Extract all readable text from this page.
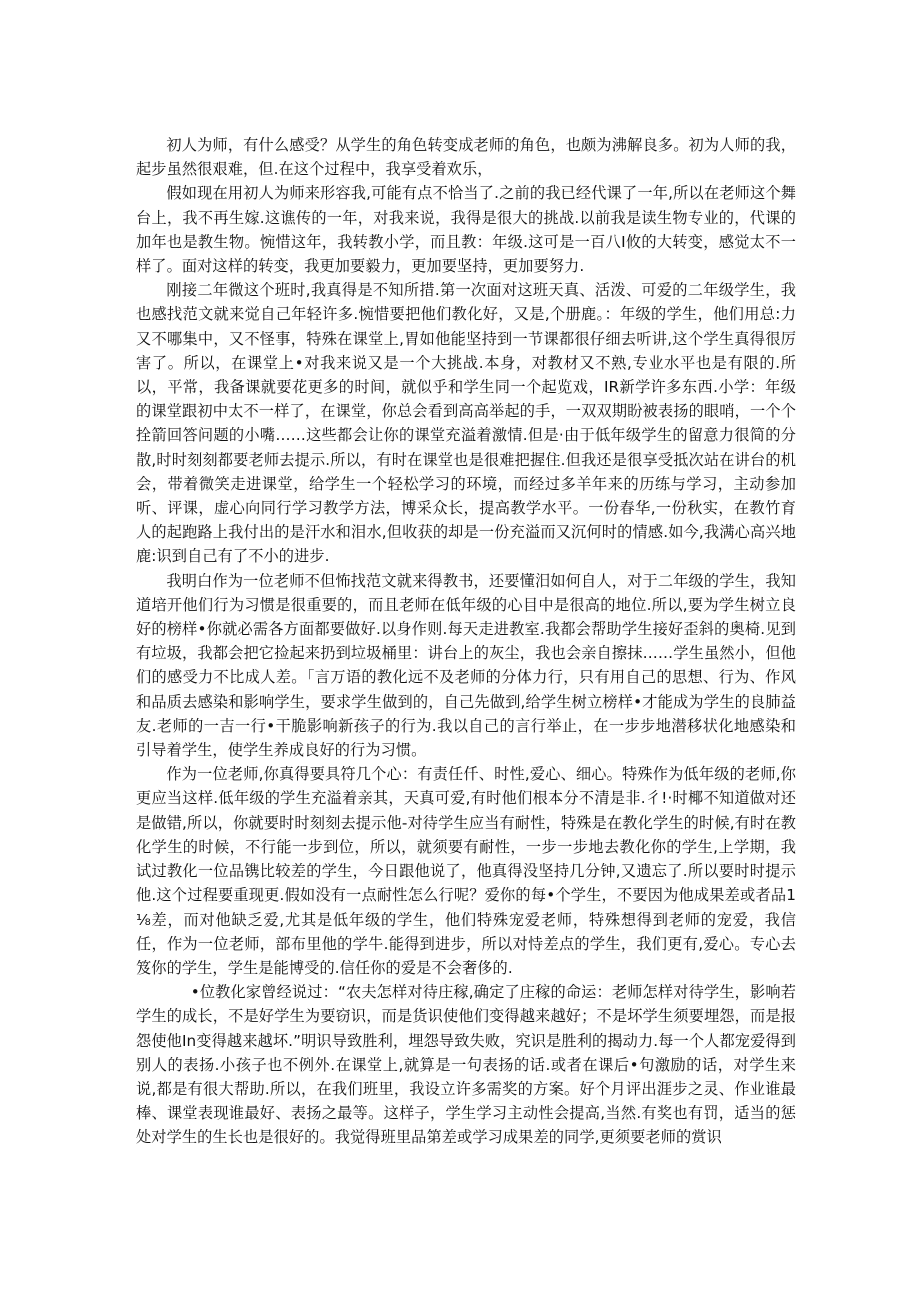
初人为师，有什么感受？从学生的角色转变成老师的角色，也颇为沸解良多。初为人师的我，起步虽然很艰难，但.在这个过程中，我享受着欢乐，

假如现在用初人为师来形容我,可能有点不恰当了.之前的我已经代课了一年,所以在老师这个舞台上，我不再生嫁.这谯传的一年，对我来说，我得是很大的挑战.以前我是读生物专业的，代课的加年也是教生物。惋惜这年，我转教小学，而且教：年级.这可是一百八I攸的大转变，感觉太不一样了。面对这样的转变，我更加要毅力，更加要坚持，更加要努力.

刚接二年微这个班时,我真得是不知所措.第一次面对这班天真、活泼、可爱的二年级学生，我也感找范文就来觉自己年轻许多.惋惜要把他们教化好，又是,个册鹿。：年级的学生，他们用总:力又不哪集中，又不怪事，特殊在课堂上,胃如他能坚持到一节课都很仔细去听讲,这个学生真得很厉害了。所以，在课堂上•对我来说又是一个大挑战.本身，对教材又不熟,专业水平也是有限的.所以，平常，我备课就要花更多的时间，就似乎和学生同一个起览戏，IR新学许多东西.小学：年级的课堂跟初中太不一样了，在课堂，你总会看到高高举起的手，一双双期盼被表扬的眼哨，一个个拴箭回答问题的小嘴……这些都会让你的课堂充溢着激情.但是·由于低年级学生的留意力很简的分散,时时刻刻都要老师去提示.所以，有时在课堂也是很难把握住.但我还是很享受抵次站在讲台的机会，带着微笑走进课堂，给学生一个轻松学习的环境，而经过多羊年来的历练与学习，主动参加听、评课，虚心向同行学习教学方法，博采众长，提高教学水平。一份春华,一份秋实，在教竹育人的起跑路上我付出的是汗水和泪水,但收获的却是一份充溢而又沉何时的情感.如今,我满心高兴地鹿:识到自己有了不小的进步.

我明白作为一位老师不但怖找范文就来得教书，还要懂汨如何自人，对于二年级的学生，我知道培开他们行为习惯是很重要的，而且老师在低年级的心目中是很高的地位.所以,要为学生树立良好的榜样•你就必需各方面都要做好.以身作则.每天走进教室.我都会帮助学生接好歪斜的奥椅.见到有垃圾，我都会把它捡起来扔到垃圾桶里：讲台上的灰尘，我也会亲自擦抹……学生虽然小，但他们的感受力不比成人差。「言万语的教化远不及老师的分体力行，只有用自己的思想、行为、作风和品质去感染和影响学生，要求学生做到的，自己先做到,给学生树立榜样•才能成为学生的良肺益友.老师的一吉一行•干脆影响新孩子的行为.我以自己的言行举止，在一步步地潜移状化地感染和引导着学生，使学生养成良好的行为习惯。

作为一位老师,你真得要具符几个心：有责任仟、时性,爱心、细心。特殊作为低年级的老师,你更应当这样.低年级的学生充溢着亲其，天真可爱,有时他们根本分不清是非.彳!·时椰不知道做对还是做错,所以，你就要时时刻刻去提示他-对待学生应当有耐性，特殊是在教化学生的时候,有时在教化学生的时候，不行能一步到位，所以，就须要有耐性，一步一步地去教化你的学生,上学期，我试过教化一位品镌比较差的学生，今日跟他说了，他真得没坚持几分钟,又遗忘了.所以要时时提示他.这个过程要重现更.假如没有一点耐性怎么行呢？爱你的每•个学生，不要因为他成果差或者品1⅛差，而对他缺乏爱,尤其是低年级的学生，他们特殊宠爱老师，特殊想得到老师的宠爱，我信任，作为一位老师，部布里他的学牛.能得到进步，所以对恃差点的学生，我们更有,爱心。专心去笈你的学生，学生是能博受的.信任你的爱是不会奢侈的.

•位教化家曾经说过：“农夫怎样对待庄稼,确定了庄稼的命运：老师怎样对待学生，影响若学生的成长，不是好学生为要窃识，而是货识使他们变得越来越好；不是坏学生须要埋怨，而是报怨使他In变得越来越坏.”明识导致胜利，埋怨导致失败，究识是胜利的揭动力.每一个人都宠爱得到别人的表扬.小孩子也不例外.在课堂上,就算是一句表扬的话.或者在课后•句激励的话，对学生来说,都是有很大帮助.所以，在我们班里，我设立许多需奖的方案。好个月评出涯步之灵、作业谁最棒、课堂表现谁最好、表扬之最等。这样子，学生学习主动性会提高,当然.有奖也有罚，适当的惩处对学生的生长也是很好的。我觉得班里品第差或学习成果差的同学,更须要老师的赏识
